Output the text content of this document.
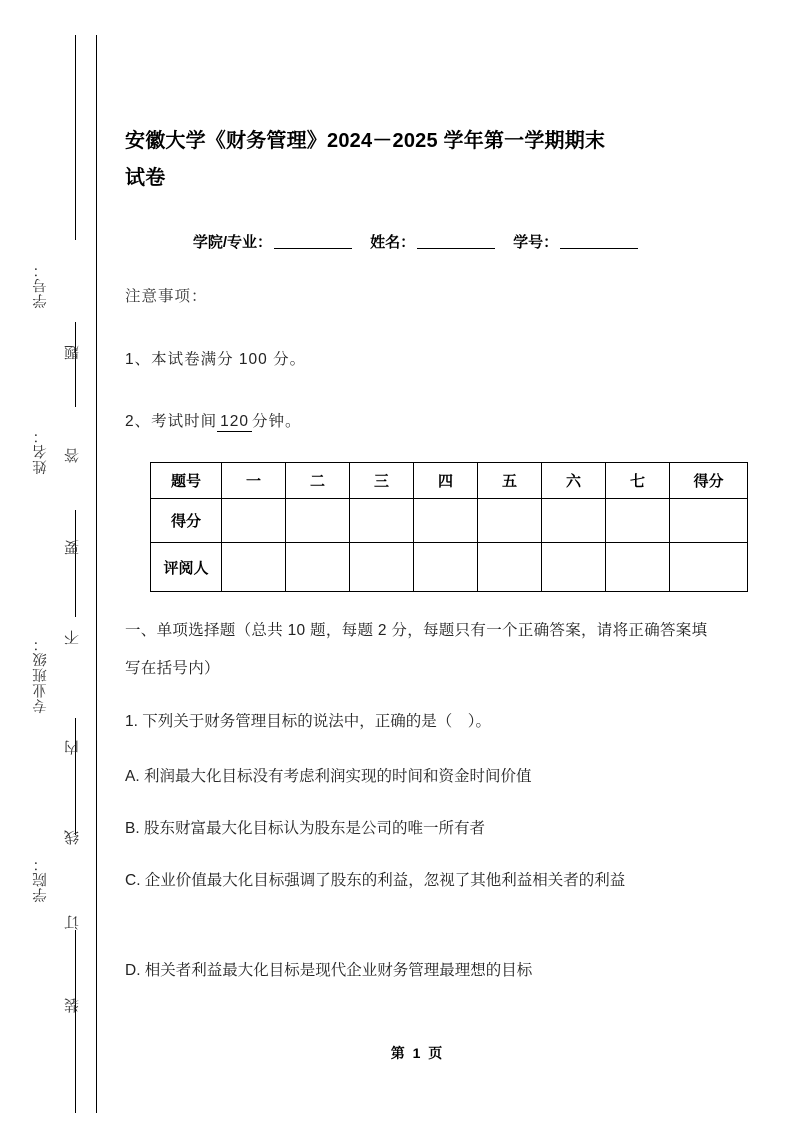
学号：
姓名：
专业班级：
学院：
题
答
要
不
内
线
订
装
安徽大学《财务管理》2024－2025 学年第一学期期末
试卷
学院/专业：	姓名：	学号：
注意事项：
1、本试卷满分 100 分。
2、考试时间 120 分钟。
题号	一	二	三	四	五	六	七	得分
得分								
评阅人								
一、单项选择题（总共 10 题，每题 2 分，每题只有一个正确答案，请将正确答案填写在括号内）
1. 下列关于财务管理目标的说法中，正确的是（　）。
A. 利润最大化目标没有考虑利润实现的时间和资金时间价值
B. 股东财富最大化目标认为股东是公司的唯一所有者
C. 企业价值最大化目标强调了股东的利益，忽视了其他利益相关者的利益
D. 相关者利益最大化目标是现代企业财务管理最理想的目标
第 1 页
